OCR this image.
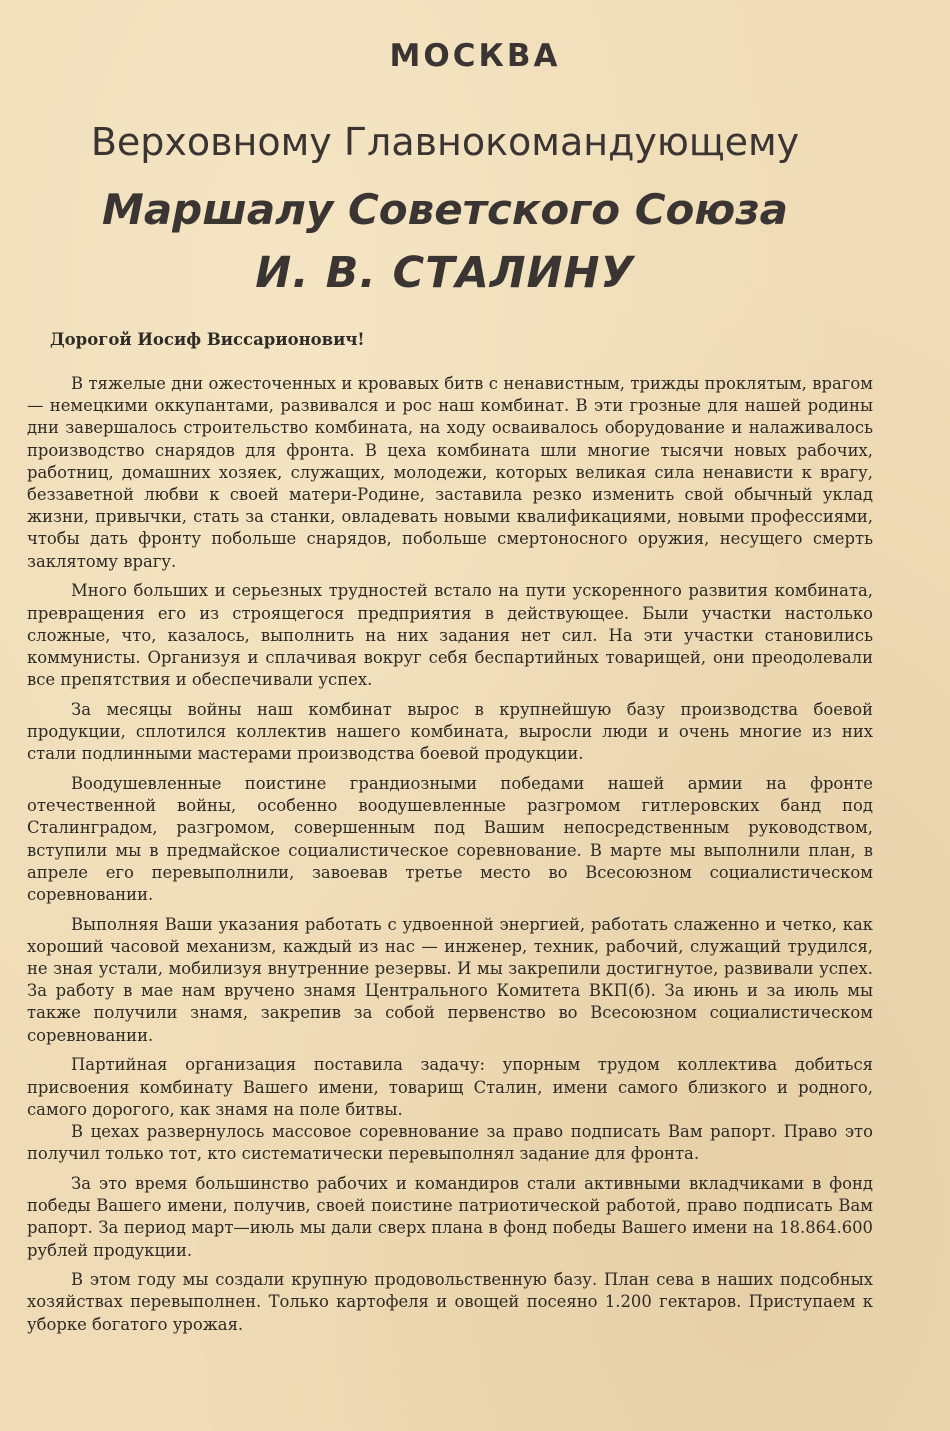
МОСКВА
Верховному Главнокомандующему
Маршалу Советского Союза
И. В. СТАЛИНУ
Дорогой Иосиф Виссарионович!

В тяжелые дни ожесточенных и кровавых битв с ненавистным, трижды проклятым, врагом — немецкими оккупантами, развивался и рос наш комбинат. В эти грозные для нашей родины дни завершалось строительство комбината, на ходу осваивалось оборудование и налаживалось производство снарядов для фронта. В цеха комбината шли многие тысячи новых рабочих, работниц, домашних хозяек, служащих, молодежи, которых великая сила ненависти к врагу, беззаветной любви к своей матери-Родине, заставила резко изменить свой обычный уклад жизни, привычки, стать за станки, овладевать новыми квалификациями, новыми профессиями, чтобы дать фронту побольше снарядов, побольше смертоносного оружия, несущего смерть заклятому врагу.

Много больших и серьезных трудностей встало на пути ускоренного развития комбината, превращения его из строящегося предприятия в действующее. Были участки настолько сложные, что, казалось, выполнить на них задания нет сил. На эти участки становились коммунисты. Организуя и сплачивая вокруг себя беспартийных товарищей, они преодолевали все препятствия и обеспечивали успех.

За месяцы войны наш комбинат вырос в крупнейшую базу производства боевой продукции, сплотился коллектив нашего комбината, выросли люди и очень многие из них стали подлинными мастерами производства боевой продукции.

Воодушевленные поистине грандиозными победами нашей армии на фронте отечественной войны, особенно воодушевленные разгромом гитлеровских банд под Сталинградом, разгромом, совершенным под Вашим непосредственным руководством, вступили мы в предмайское социалистическое соревнование. В марте мы выполнили план, в апреле его перевыполнили, завоевав третье место во Всесоюзном социалистическом соревновании.

Выполняя Ваши указания работать с удвоенной энергией, работать слаженно и четко, как хороший часовой механизм, каждый из нас — инженер, техник, рабочий, служащий трудился, не зная устали, мобилизуя внутренние резервы. И мы закрепили достигнутое, развивали успех. За работу в мае нам вручено знамя Центрального Комитета ВКП(б). За июнь и за июль мы также получили знамя, закрепив за собой первенство во Всесоюзном социалистическом соревновании.

Партийная организация поставила задачу: упорным трудом коллектива добиться присвоения комбинату Вашего имени, товарищ Сталин, имени самого близкого и родного, самого дорогого, как знамя на поле битвы.

В цехах развернулось массовое соревнование за право подписать Вам рапорт. Право это получил только тот, кто систематически перевыполнял задание для фронта.

За это время большинство рабочих и командиров стали активными вкладчиками в фонд победы Вашего имени, получив, своей поистине патриотической работой, право подписать Вам рапорт. За период март—июль мы дали сверх плана в фонд победы Вашего имени на 18.864.600 рублей продукции.

В этом году мы создали крупную продовольственную базу. План сева в наших подсобных хозяйствах перевыполнен. Только картофеля и овощей посеяно 1.200 гектаров. Приступаем к уборке богатого урожая.
